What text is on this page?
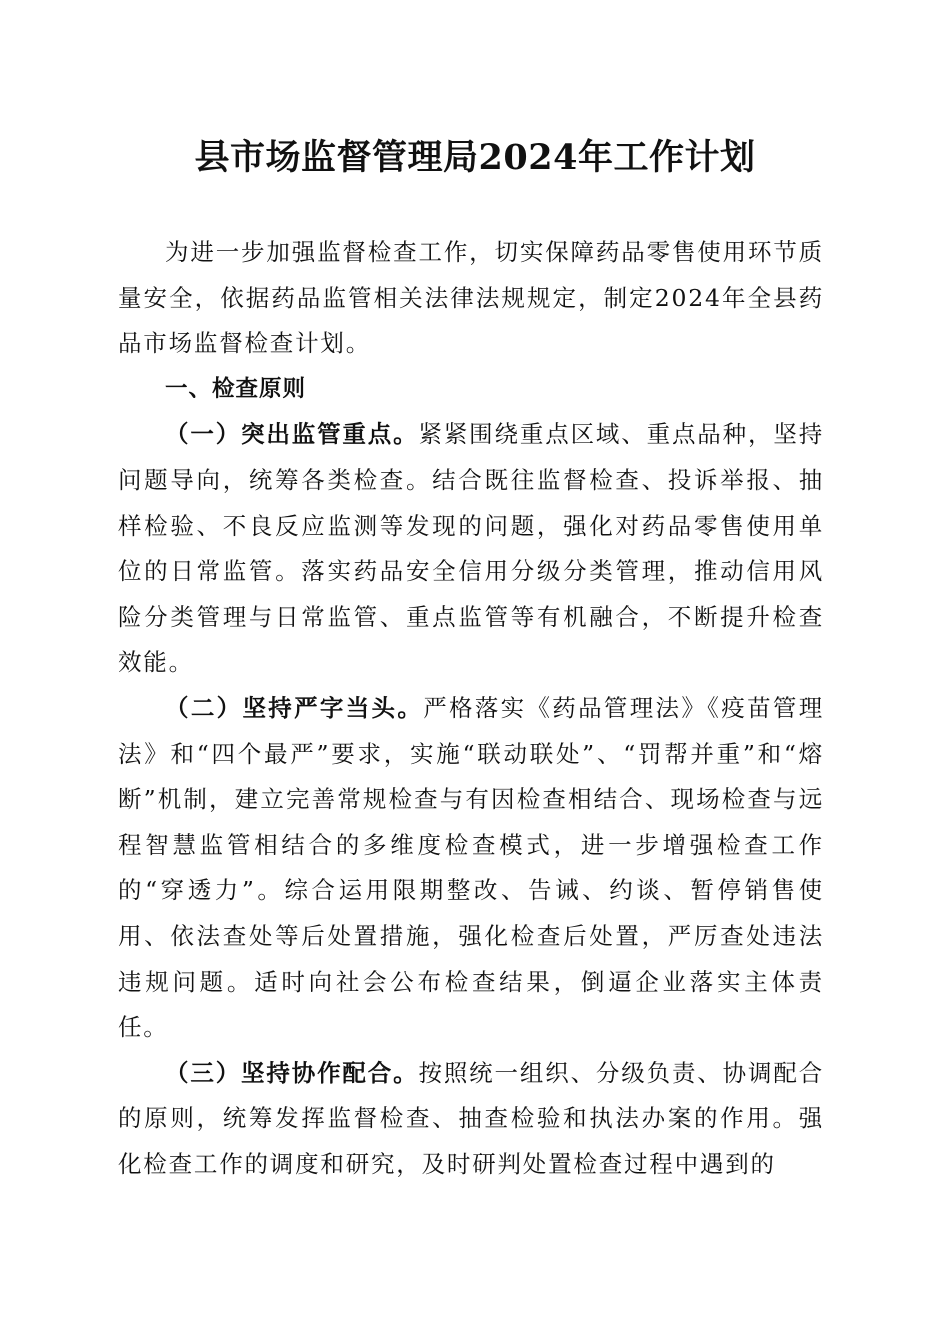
县市场监督管理局2024年工作计划

为进一步加强监督检查工作，切实保障药品零售使用环节质量安全，依据药品监管相关法律法规规定，制定2024年全县药品市场监督检查计划。

一、检查原则

（一）突出监管重点。紧紧围绕重点区域、重点品种，坚持问题导向，统筹各类检查。结合既往监督检查、投诉举报、抽样检验、不良反应监测等发现的问题，强化对药品零售使用单位的日常监管。落实药品安全信用分级分类管理，推动信用风险分类管理与日常监管、重点监管等有机融合，不断提升检查效能。

（二）坚持严字当头。严格落实《药品管理法》《疫苗管理法》和“四个最严”要求，实施“联动联处”、“罚帮并重”和“熔断”机制，建立完善常规检查与有因检查相结合、现场检查与远程智慧监管相结合的多维度检查模式，进一步增强检查工作的“穿透力”。综合运用限期整改、告诫、约谈、暂停销售使用、依法查处等后处置措施，强化检查后处置，严厉查处违法违规问题。适时向社会公布检查结果，倒逼企业落实主体责任。

（三）坚持协作配合。按照统一组织、分级负责、协调配合的原则，统筹发挥监督检查、抽查检验和执法办案的作用。强化检查工作的调度和研究，及时研判处置检查过程中遇到的
